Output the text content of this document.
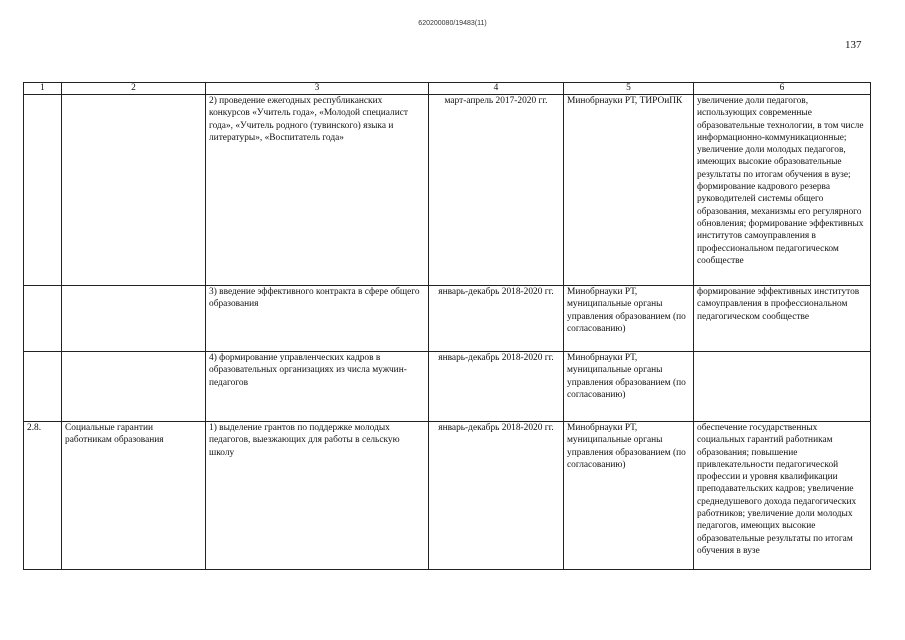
620200080/19483(11)
137
1	2	3	4	5	6
		2) проведение ежегодных республиканских конкурсов «Учитель года», «Молодой специалист года», «Учитель родного (тувинского) языка и литературы», «Воспитатель года»	март-апрель 2017-2020 гг.	Минобрнауки РТ, ТИРОиПК	увеличение доли педагогов, использующих современные образовательные технологии, в том числе информационно-коммуникационные; увеличение доли молодых педагогов, имеющих высокие образовательные результаты по итогам обучения в вузе; формирование кадрового резерва руководителей системы общего образования, механизмы его регулярного обновления; формирование эффективных институтов самоуправления в профессиональном педагогическом сообществе
		3) введение эффективного контракта в сфере общего образования	январь-декабрь 2018-2020 гг.	Минобрнауки РТ, муниципальные органы управления образованием (по согласованию)	формирование эффективных институтов самоуправления в профессиональном педагогическом сообществе
		4) формирование управленческих кадров в образовательных организациях из числа мужчин-педагогов	январь-декабрь 2018-2020 гг.	Минобрнауки РТ, муниципальные органы управления образованием (по согласованию)	
2.8.	Социальные гарантии работникам образования	1) выделение грантов по поддержке молодых педагогов, выезжающих для работы в сельскую школу	январь-декабрь 2018-2020 гг.	Минобрнауки РТ, муниципальные органы управления образованием (по согласованию)	обеспечение государственных социальных гарантий работникам образования; повышение привлекательности педагогической профессии и уровня квалификации преподавательских кадров; увеличение среднедушевого дохода педагогических работников; увеличение доли молодых педагогов, имеющих высокие образовательные результаты по итогам обучения в вузе
